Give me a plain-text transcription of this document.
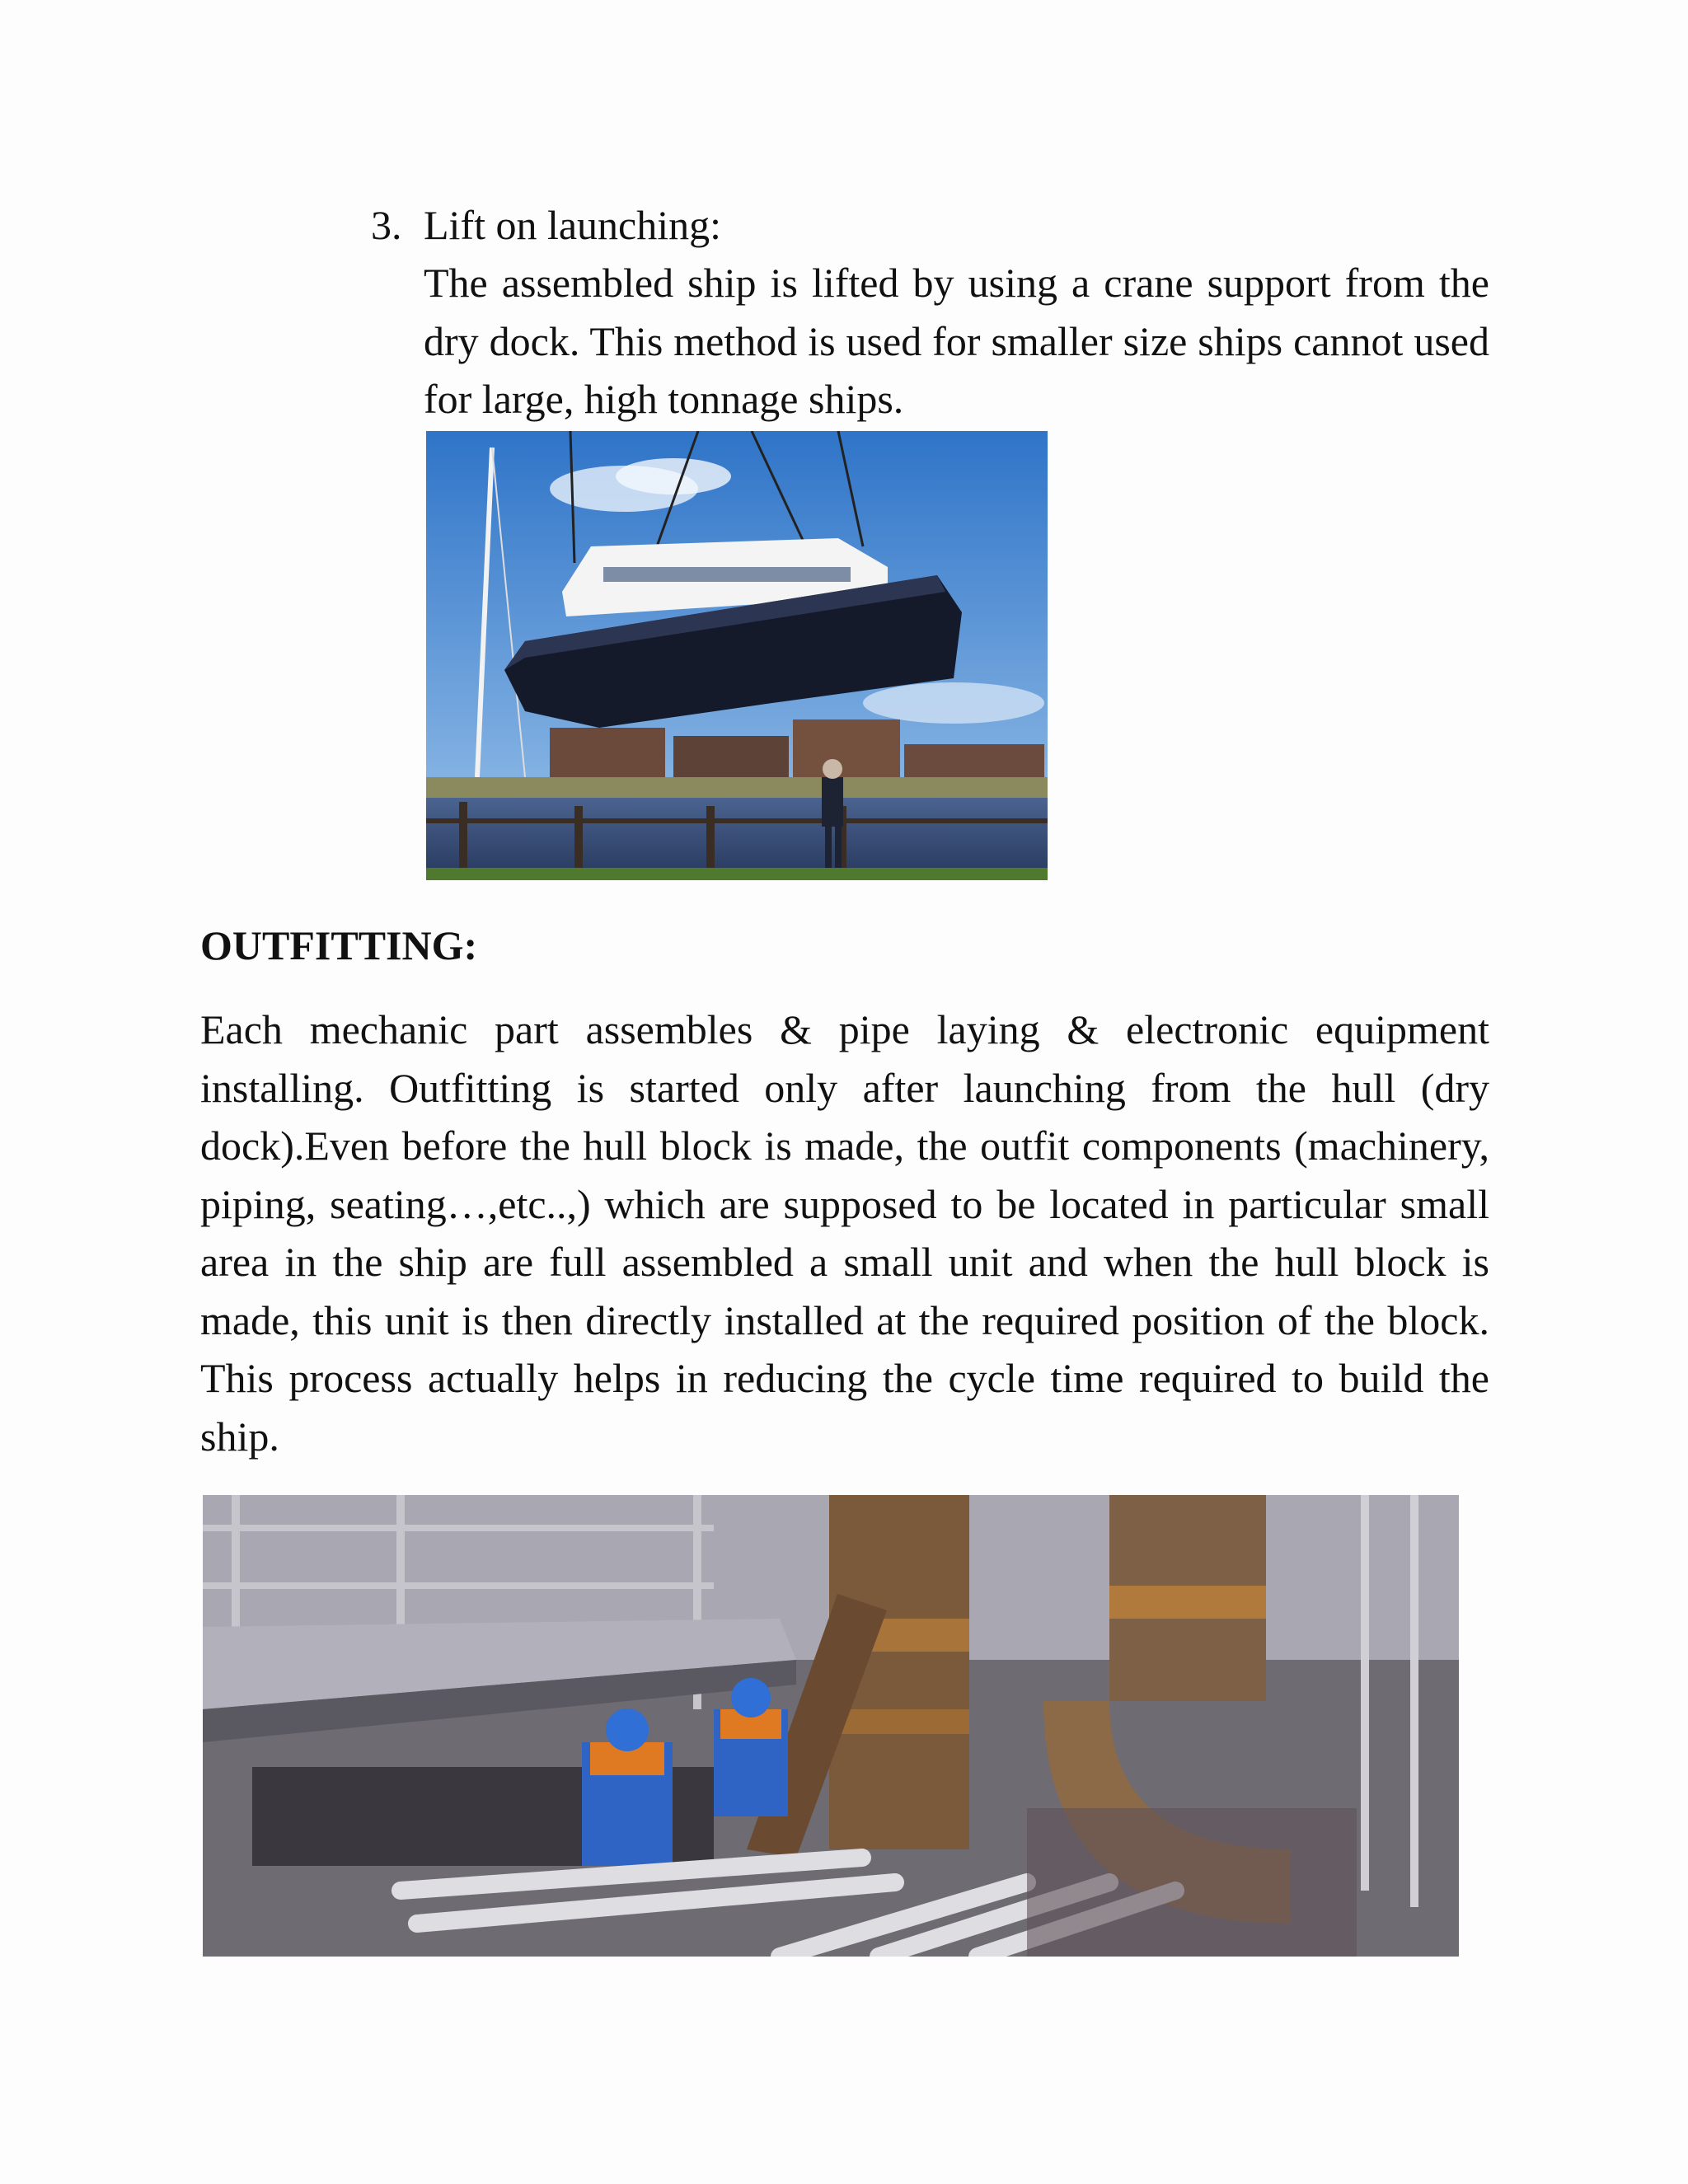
3. Lift on launching:
The assembled ship is lifted by using a crane support from the dry dock. This method is used for smaller size ships cannot used for large, high tonnage ships.
OUTFITTING:
Each mechanic part assembles & pipe laying & electronic equipment installing. Outfitting is started only after launching from the hull (dry dock).Even before the hull block is made, the outfit components (machinery, piping, seating…,etc..,) which are supposed to be located in particular small area in the ship are full assembled a small unit and when the hull block is made, this unit is then directly installed at the required position of the block. This process actually helps in reducing the cycle time required to build the ship.
